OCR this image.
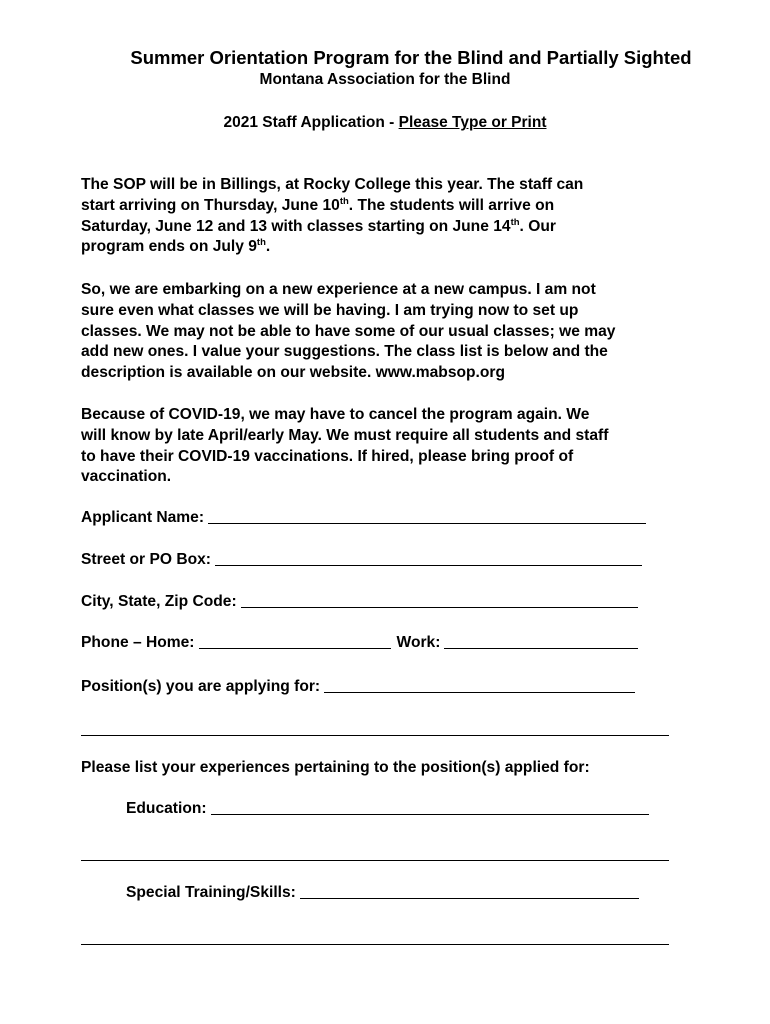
Summer Orientation Program for the Blind and Partially Sighted
Montana Association for the Blind
2021 Staff Application - Please Type or Print
The SOP will be in Billings, at Rocky College this year. The staff can
start arriving on Thursday, June 10th. The students will arrive on
Saturday, June 12 and 13 with classes starting on June 14th. Our
program ends on July 9th.
So, we are embarking on a new experience at a new campus. I am not
sure even what classes we will be having. I am trying now to set up
classes. We may not be able to have some of our usual classes; we may
add new ones. I value your suggestions. The class list is below and the
description is available on our website. www.mabsop.org
Because of COVID-19, we may have to cancel the program again. We
will know by late April/early May. We must require all students and staff
to have their COVID-19 vaccinations. If hired, please bring proof of
vaccination.
Applicant Name:
Street or PO Box:
City, State, Zip Code:
Phone – Home:	Work:
Position(s) you are applying for:
Please list your experiences pertaining to the position(s) applied for:
Education:
Special Training/Skills:
